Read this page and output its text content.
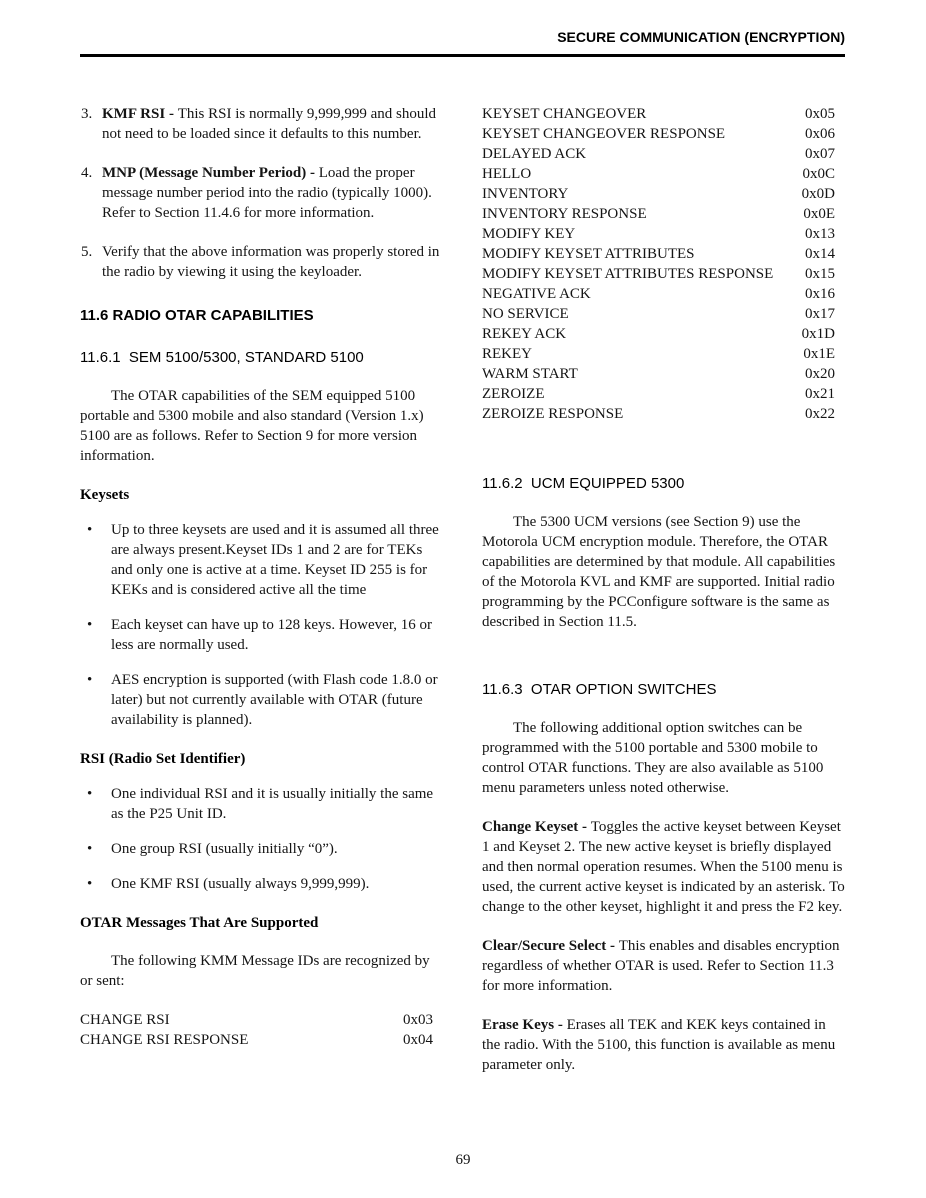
SECURE COMMUNICATION (ENCRYPTION)
3. KMF RSI - This RSI is normally 9,999,999 and should not need to be loaded since it defaults to this number.
4. MNP (Message Number Period) - Load the proper message number period into the radio (typically 1000). Refer to Section 11.4.6 for more information.
5. Verify that the above information was properly stored in the radio by viewing it using the keyloader.
11.6 RADIO OTAR CAPABILITIES
11.6.1  SEM 5100/5300, STANDARD 5100

The OTAR capabilities of the SEM equipped 5100 portable and 5300 mobile and also standard (Version 1.x) 5100 are as follows. Refer to Section 9 for more version information.

Keysets
•	Up to three keysets are used and it is assumed all three are always present.Keyset IDs 1 and 2 are for TEKs and only one is active at a time. Keyset ID 255 is for KEKs and is considered active all the time
•	Each keyset can have up to 128 keys. However, 16 or less are normally used.
•	AES encryption is supported (with Flash code 1.8.0 or later) but not currently available with OTAR (future availability is planned).
RSI (Radio Set Identifier)
•	One individual RSI and it is usually initially the same as the P25 Unit ID.
•	One group RSI (usually initially “0”).
•	One KMF RSI (usually always 9,999,999).
OTAR Messages That Are Supported

The following KMM Message IDs are recognized by or sent:

CHANGE RSI	0x03
CHANGE RSI RESPONSE	0x04
KEYSET CHANGEOVER	0x05
KEYSET CHANGEOVER RESPONSE	0x06
DELAYED ACK	0x07
HELLO	0x0C
INVENTORY	0x0D
INVENTORY RESPONSE	0x0E
MODIFY KEY	0x13
MODIFY KEYSET ATTRIBUTES	0x14
MODIFY KEYSET ATTRIBUTES RESPONSE 0x15
NEGATIVE ACK	0x16
NO SERVICE	0x17
REKEY ACK	0x1D
REKEY	0x1E
WARM START	0x20
ZEROIZE	0x21
ZEROIZE RESPONSE	0x22
11.6.2  UCM EQUIPPED 5300

The 5300 UCM versions (see Section 9) use the Motorola UCM encryption module. Therefore, the OTAR capabilities are determined by that module. All capabilities of the Motorola KVL and KMF are supported. Initial radio programming by the PCConfigure software is the same as described in Section 11.5.

11.6.3  OTAR OPTION SWITCHES

The following additional option switches can be programmed with the 5100 portable and 5300 mobile to control OTAR functions. They are also available as 5100 menu parameters unless noted otherwise.

Change Keyset - Toggles the active keyset between Keyset 1 and Keyset 2. The new active keyset is briefly displayed and then normal operation resumes. When the 5100 menu is used, the current active keyset is indicated by an asterisk. To change to the other keyset, highlight it and press the F2 key.

Clear/Secure Select - This enables and disables encryption regardless of whether OTAR is used. Refer to Section 11.3 for more information.

Erase Keys - Erases all TEK and KEK keys contained in the radio. With the 5100, this function is available as menu parameter only.

69
